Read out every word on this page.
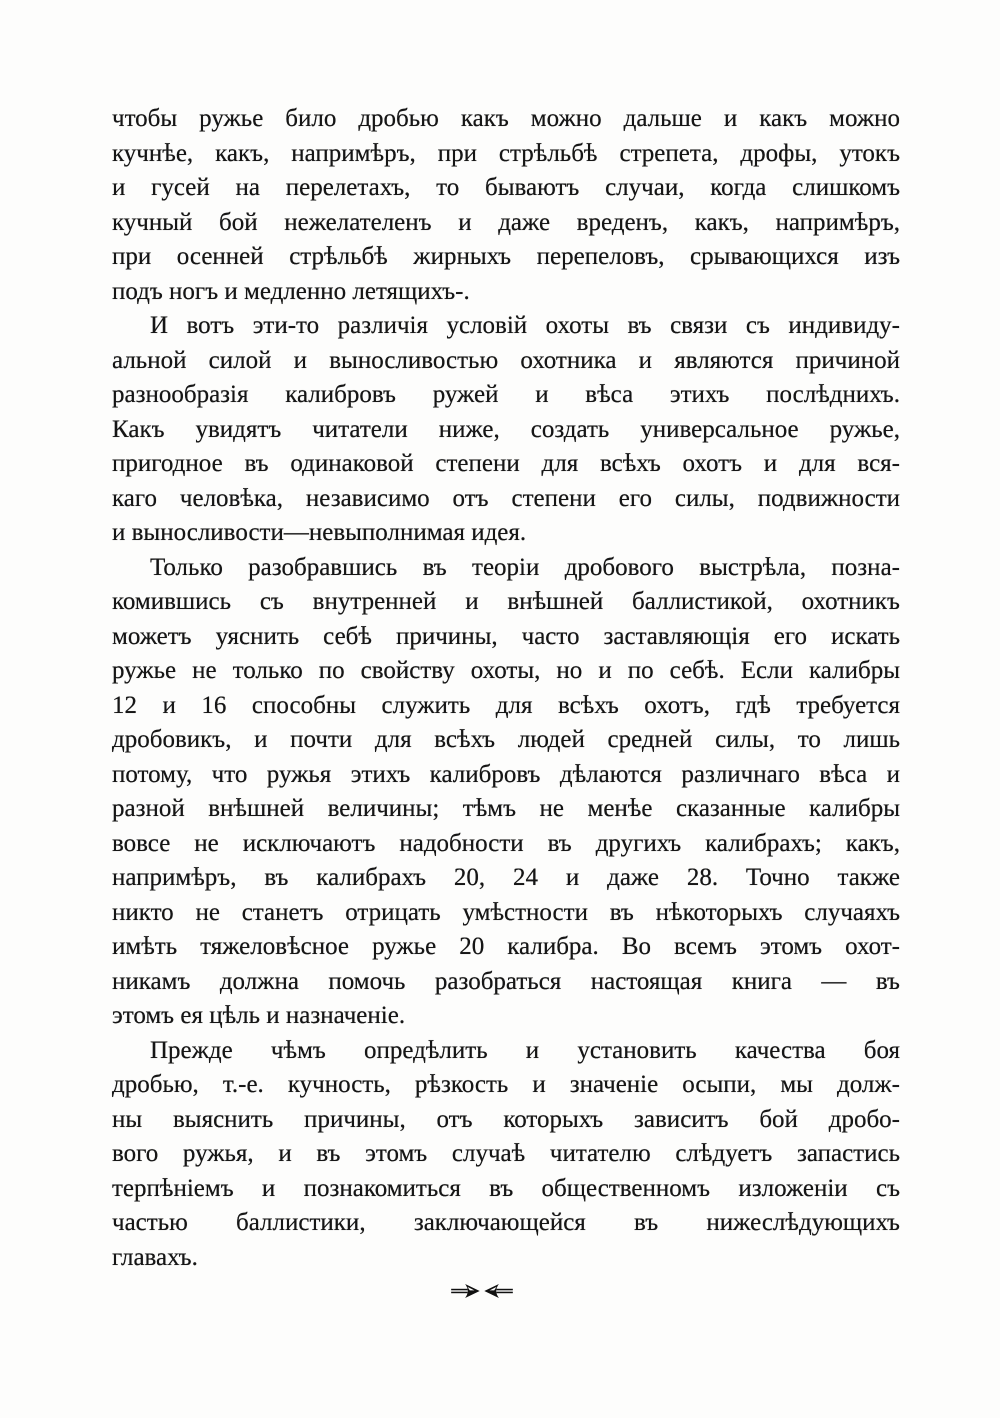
чтобы ружье било дробью какъ можно дальше и какъ можно
кучнѣе, какъ, напримѣръ, при стрѣльбѣ стрепета, дрофы, утокъ
и гусей на перелетахъ, то бываютъ случаи, когда слишкомъ
кучный бой нежелателенъ и даже вреденъ, какъ, напримѣръ,
при осенней стрѣльбѣ жирныхъ перепеловъ, срывающихся изъ
подъ ногъ и медленно летящихъ-.
И вотъ эти-то различія условій охоты въ связи съ индивиду-
альной силой и выносливостью охотника и являются причиной
разнообразія калибровъ ружей и вѣса этихъ послѣднихъ.
Какъ увидятъ читатели ниже, создать универсальное ружье,
пригодное въ одинаковой степени для всѣхъ охотъ и для вся-
каго человѣка, независимо отъ степени его силы, подвижности
и выносливости—невыполнимая идея.
Только разобравшись въ теоріи дробового выстрѣла, позна-
комившись съ внутренней и внѣшней баллистикой, охотникъ
можетъ уяснить себѣ причины, часто заставляющія его искать
ружье не только по свойству охоты, но и по себѣ. Если калибры
12 и 16 способны служить для всѣхъ охотъ, гдѣ требуется
дробовикъ, и почти для всѣхъ людей средней силы, то лишь
потому, что ружья этихъ калибровъ дѣлаются различнаго вѣса и
разной внѣшней величины; тѣмъ не менѣе сказанные калибры
вовсе не исключаютъ надобности въ другихъ калибрахъ; какъ,
напримѣръ, въ калибрахъ 20, 24 и даже 28. Точно также
никто не станетъ отрицать умѣстности въ нѣкоторыхъ случаяхъ
имѣть тяжеловѣсное ружье 20 калибра. Во всемъ этомъ охот-
никамъ должна помочь разобраться настоящая книга — въ
этомъ ея цѣль и назначеніе.
Прежде чѣмъ опредѣлить и установить качества боя
дробью, т.-е. кучность, рѣзкость и значеніе осыпи, мы долж-
ны выяснить причины, отъ которыхъ зависитъ бой дробо-
вого ружья, и въ этомъ случаѣ читателю слѣдуетъ запастись
терпѣніемъ и познакомиться въ общественномъ изложеніи съ
частью баллистики, заключающейся въ нижеслѣдующихъ
главахъ.
